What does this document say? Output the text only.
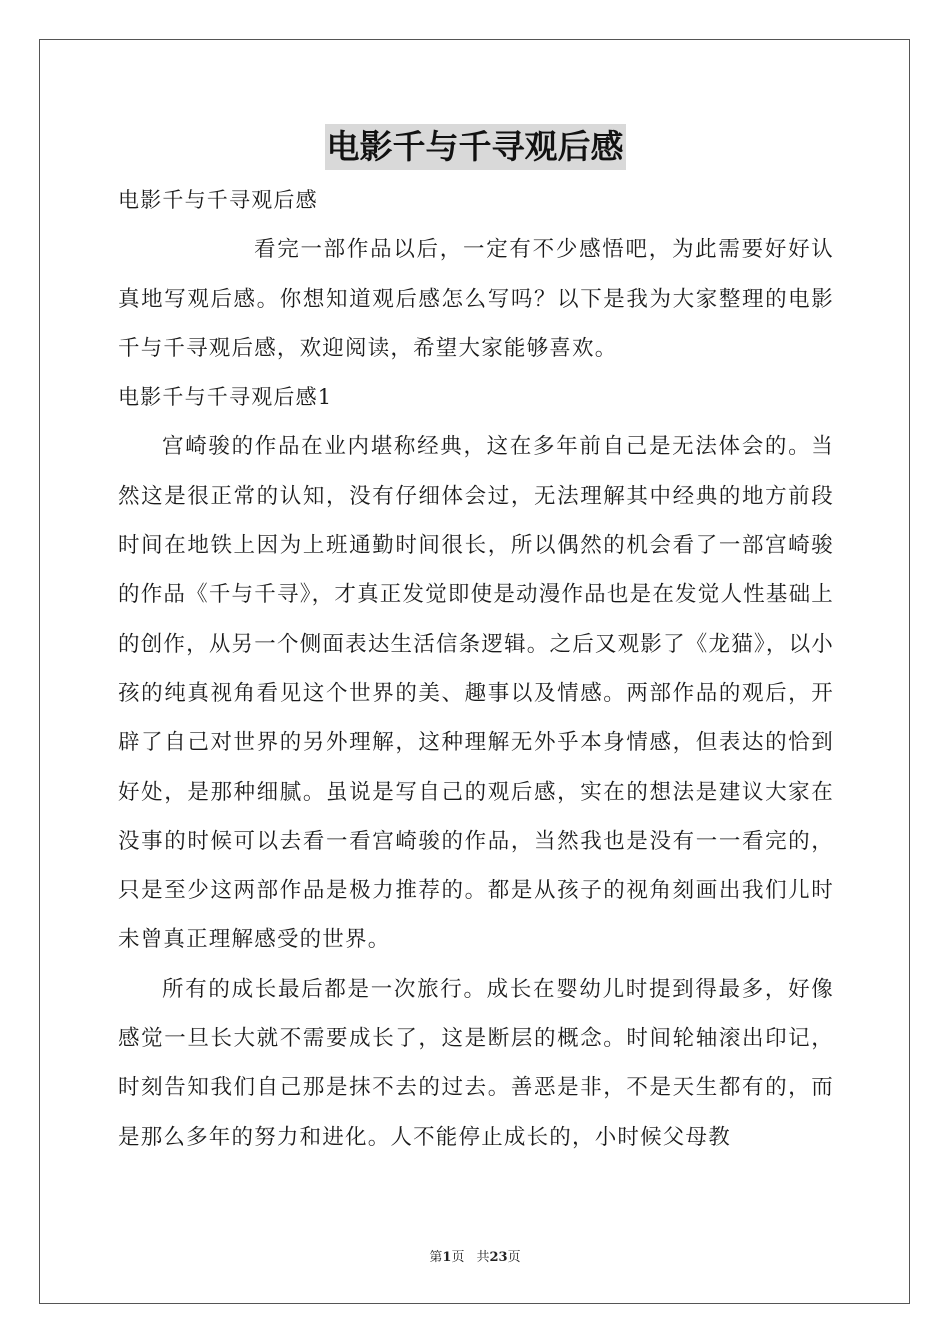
电影千与千寻观后感

电影千与千寻观后感

看完一部作品以后，一定有不少感悟吧，为此需要好好认真地写观后感。你想知道观后感怎么写吗？以下是我为大家整理的电影千与千寻观后感，欢迎阅读，希望大家能够喜欢。

电影千与千寻观后感1

宫崎骏的作品在业内堪称经典，这在多年前自己是无法体会的。当然这是很正常的认知，没有仔细体会过，无法理解其中经典的地方前段时间在地铁上因为上班通勤时间很长，所以偶然的机会看了一部宫崎骏的作品《千与千寻》，才真正发觉即使是动漫作品也是在发觉人性基础上的创作，从另一个侧面表达生活信条逻辑。之后又观影了《龙猫》，以小孩的纯真视角看见这个世界的美、趣事以及情感。两部作品的观后，开辟了自己对世界的另外理解，这种理解无外乎本身情感，但表达的恰到好处，是那种细腻。虽说是写自己的观后感，实在的想法是建议大家在没事的时候可以去看一看宫崎骏的作品，当然我也是没有一一看完的，只是至少这两部作品是极力推荐的。都是从孩子的视角刻画出我们儿时未曾真正理解感受的世界。

所有的成长最后都是一次旅行。成长在婴幼儿时提到得最多，好像感觉一旦长大就不需要成长了，这是断层的概念。时间轮轴滚出印记，时刻告知我们自己那是抹不去的过去。善恶是非，不是天生都有的，而是那么多年的努力和进化。人不能停止成长的，小时候父母教

第1页 共23页
